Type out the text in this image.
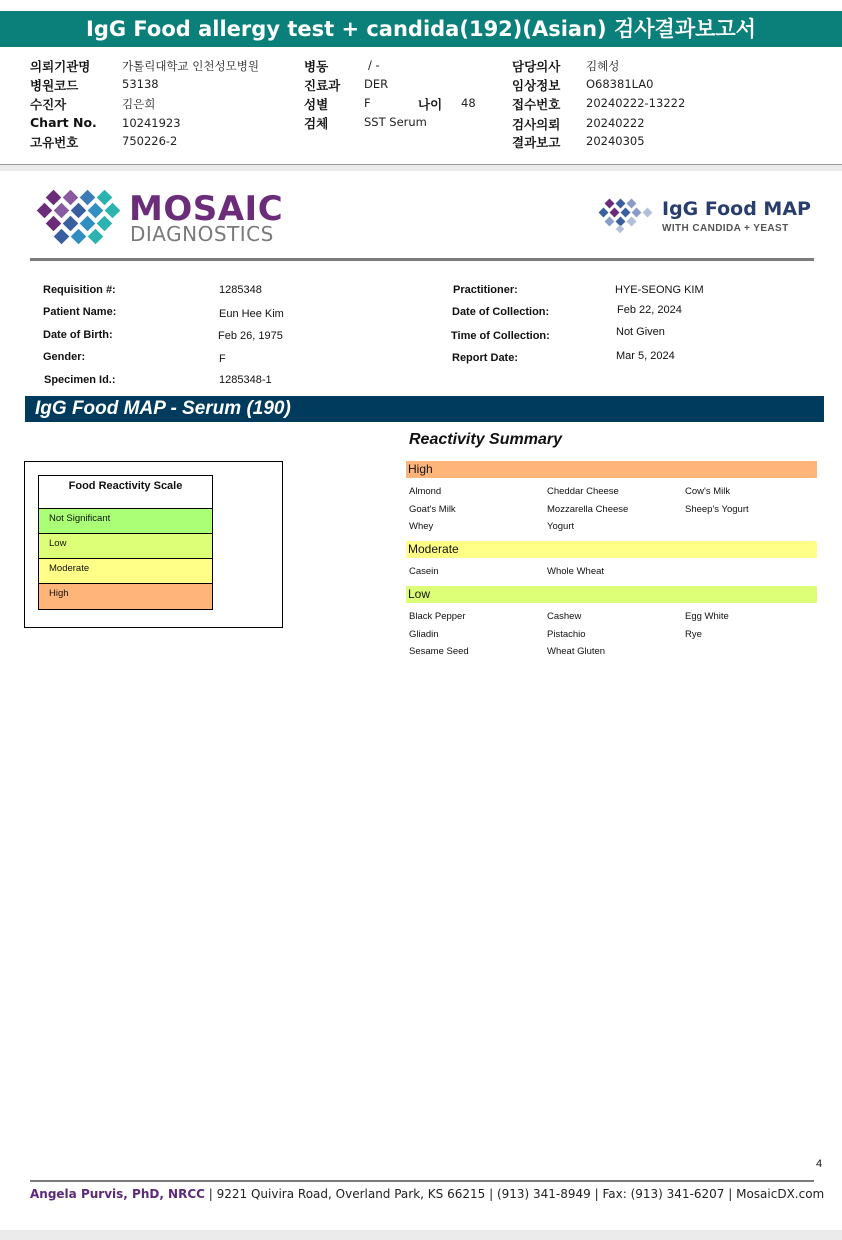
IgG Food allergy test + candida(192)(Asian) 검사결과보고서
의뢰기관명	가톨릭대학교 인천성모병원
병원코드	53138
수진자	김은희
Chart No. 10241923
고유번호	750226-2
병동	/ -
진료과 DER
성별	F	나이 48
검체	SST Serum
담당의사 김혜성
임상정보 O68381LA0
접수번호 20240222-13222
검사의뢰 20240222
결과보고 20240305
MOSAIC
DIAGNOSTICS
IgG Food MAP
WITH CANDIDA + YEAST
Requisition #:	1285348
Patient Name:	Eun Hee Kim
Date of Birth:	Feb 26, 1975
Gender:	F
Specimen Id.:	1285348-1
Practitioner:	HYE-SEONG KIM
Date of Collection:	Feb 22, 2024
Time of Collection:	Not Given
Report Date:	Mar 5, 2024
IgG Food MAP - Serum (190)
Food Reactivity Scale
Not Significant
Low
Moderate
High
Reactivity Summary
High
Almond	Cheddar Cheese	Cow's Milk
Goat's Milk	Mozzarella Cheese	Sheep's Yogurt
Whey	Yogurt
Moderate
Casein	Whole Wheat
Low
Black Pepper	Cashew	Egg White
Gliadin	Pistachio	Rye
Sesame Seed	Wheat Gluten
4
Angela Purvis, PhD, NRCC | 9221 Quivira Road, Overland Park, KS 66215 | (913) 341-8949 | Fax: (913) 341-6207 | MosaicDX.com
